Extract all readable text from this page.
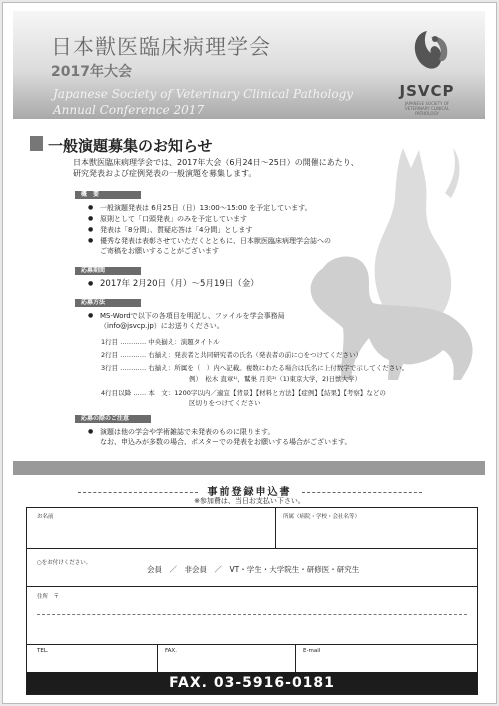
日本獣医臨床病理学会
2017年大会
Japanese Society of Veterinary Clinical Pathology
Annual Conference 2017
JSVCP
JAPANESE SOCIETY OF VETERINARY CLINICAL PATHOLOGY
一般演題募集のお知らせ
日本獣医臨床病理学会では、2017年大会（6月24日～25日）の開催にあたり、
研究発表および症例発表の一般演題を募集します。
概　要
● 一般演題発表は 6月25日（日）13:00～15:00 を予定しています。
● 原則として「口頭発表」のみを予定しています
● 発表は「8分間」、質疑応答は「4分間」とします
● 優秀な発表は表彰させていただくとともに、日本獣医臨床病理学会誌への
ご寄稿をお願いすることがございます
応募期間
● 2017年 2月20日（月）～5月19日（金）
応募方法
● MS-Wordで以下の各項目を明記し、ファイルを学会事務局
（info@jsvcp.jp）にお送りください。
1行目 ………… 中央揃え：演題タイトル
2行目 ………… 右揃え：発表者と共同研究者の氏名（発表者の前に○をつけてください）
3行目 ………… 右揃え：所属を（　）内へ記載。複数にわたる場合は氏名に上付数字で示してください。
例）　松木 直章¹⁾，鷲巣 月美²⁾（1)東京大学，2)日獣大学）
4行目以降 …… 本　文：1200字以内／適宜【背景】【材料と方法】【症例】【結果】【考察】などの
区切りをつけてください
応募の際のご注意
● 演題は他の学会や学術雑誌で未発表のものに限ります。
なお、申込みが多数の場合、ポスターでの発表をお願いする場合がございます。
事前登録申込書
※参加費は、当日お支払い下さい。
お名前	所属（病院・学校・会社名等）
○をお付けください。
会員　／　非会員　／　VT・学生・大学院生・研修医・研究生
住所　〒
TEL.	FAX.	E-mail
FAX. 03-5916-0181
